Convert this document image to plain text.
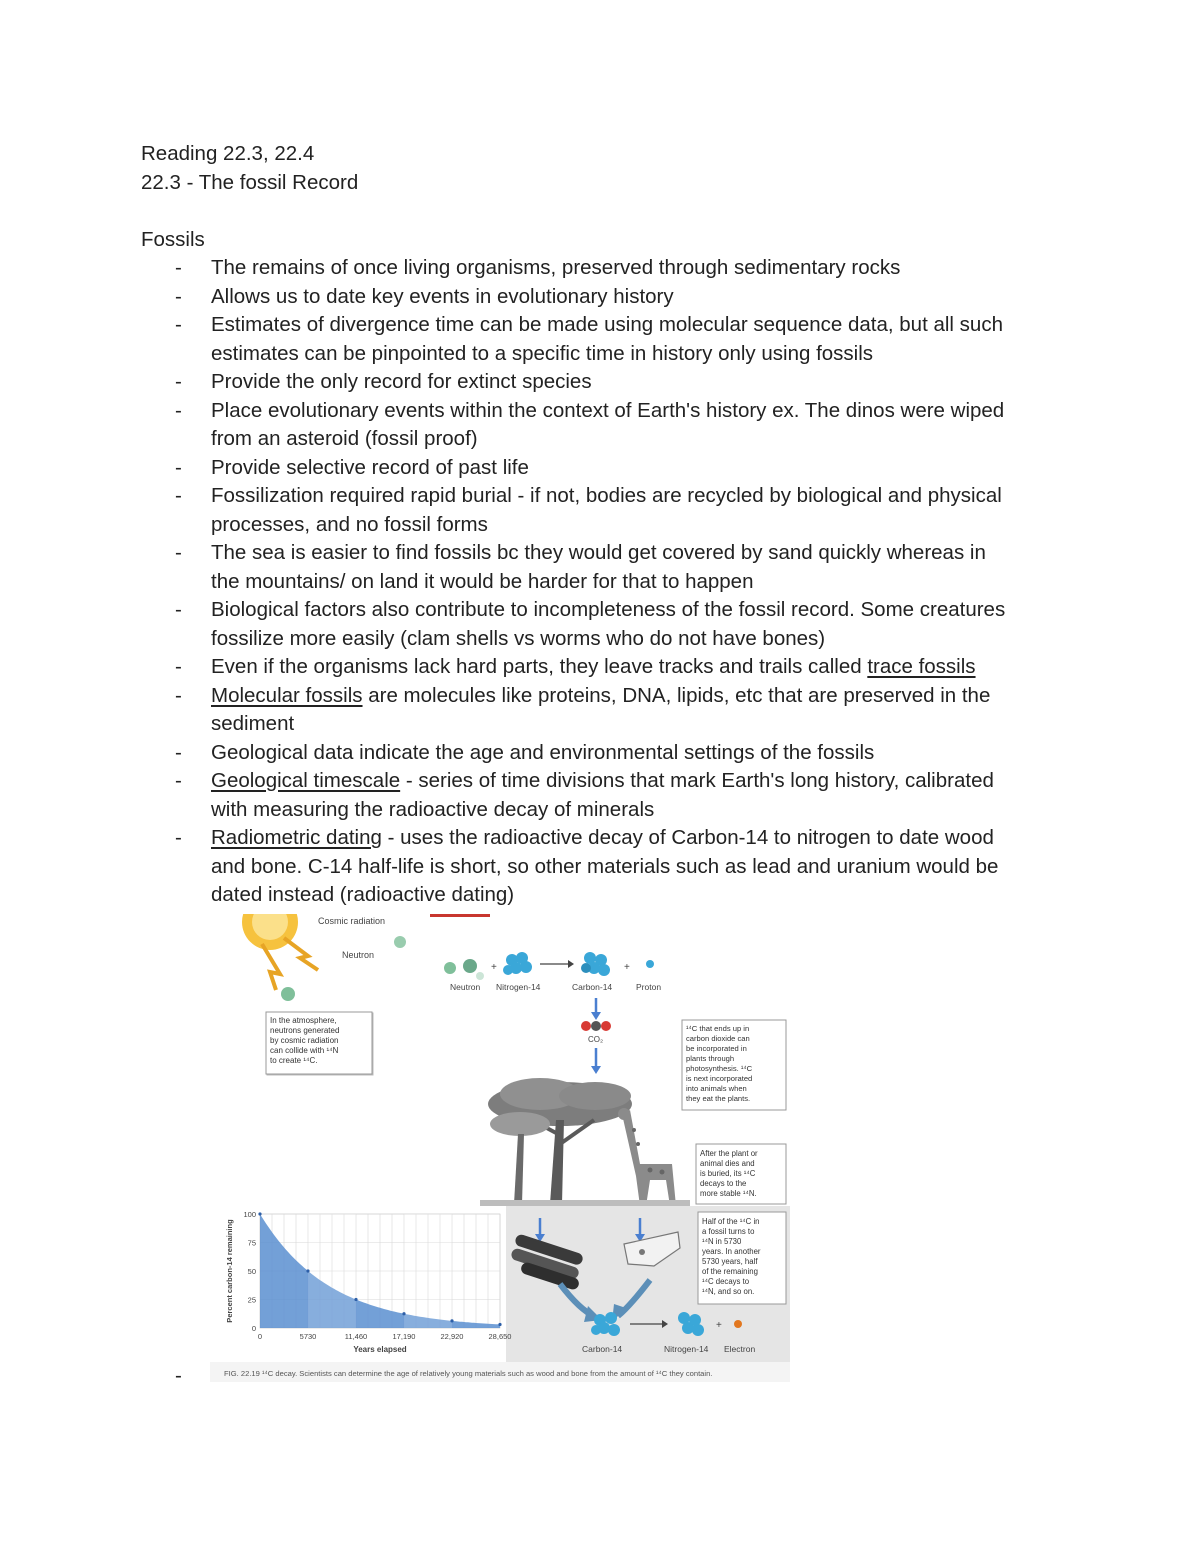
Reading 22.3, 22.4
22.3 - The fossil Record
Fossils
- The remains of once living organisms, preserved through sedimentary rocks
- Allows us to date key events in evolutionary history
- Estimates of divergence time can be made using molecular sequence data, but all such
estimates can be pinpointed to a specific time in history only using fossils
- Provide the only record for extinct species
- Place evolutionary events within the context of Earth's history ex. The dinos were wiped
from an asteroid (fossil proof)
- Provide selective record of past life
- Fossilization required rapid burial - if not, bodies are recycled by biological and physical
processes, and no fossil forms
- The sea is easier to find fossils bc they would get covered by sand quickly whereas in
the mountains/ on land it would be harder for that to happen
- Biological factors also contribute to incompleteness of the fossil record. Some creatures
fossilize more easily (clam shells vs worms who do not have bones)
- Even if the organisms lack hard parts, they leave tracks and trails called trace fossils
- Molecular fossils are molecules like proteins, DNA, lipids, etc that are preserved in the
sediment
- Geological data indicate the age and environmental settings of the fossils
- Geological timescale - series of time divisions that mark Earth's long history, calibrated
with measuring the radioactive decay of minerals
- Radiometric dating - uses the radioactive decay of Carbon-14 to nitrogen to date wood
and bone. C-14 half-life is short, so other materials such as lead and uranium would be
dated instead (radioactive dating)
Cosmic radiation
Neutron
+	+
Neutron Nitrogen-14	Carbon-14	Proton
CO₂
In the atmosphere,
neutrons generated
by cosmic radiation
can collide with ¹⁴N
to create ¹⁴C.
¹⁴C that ends up in
carbon dioxide can
be incorporated in
plants through
photosynthesis. ¹⁴C
is next incorporated
into animals when
they eat the plants.
After the plant or
animal dies and
is buried, its ¹⁴C
decays to the
more stable ¹⁴N.
Half of the ¹⁴C in
a fossil turns to
¹⁴N in 5730
years. In another
5730 years, half
of the remaining
¹⁴C decays to
¹⁴N, and so on.
+
Carbon-14	Nitrogen-14 Electron
0
25
50
75
100
0	5730	11,460	17,190	22,920	28,650
Years elapsed
Percent carbon-14 remaining
FIG. 22.19 ¹⁴C decay. Scientists can determine the age of relatively young materials such as wood and bone from the amount of ¹⁴C they contain.
-
